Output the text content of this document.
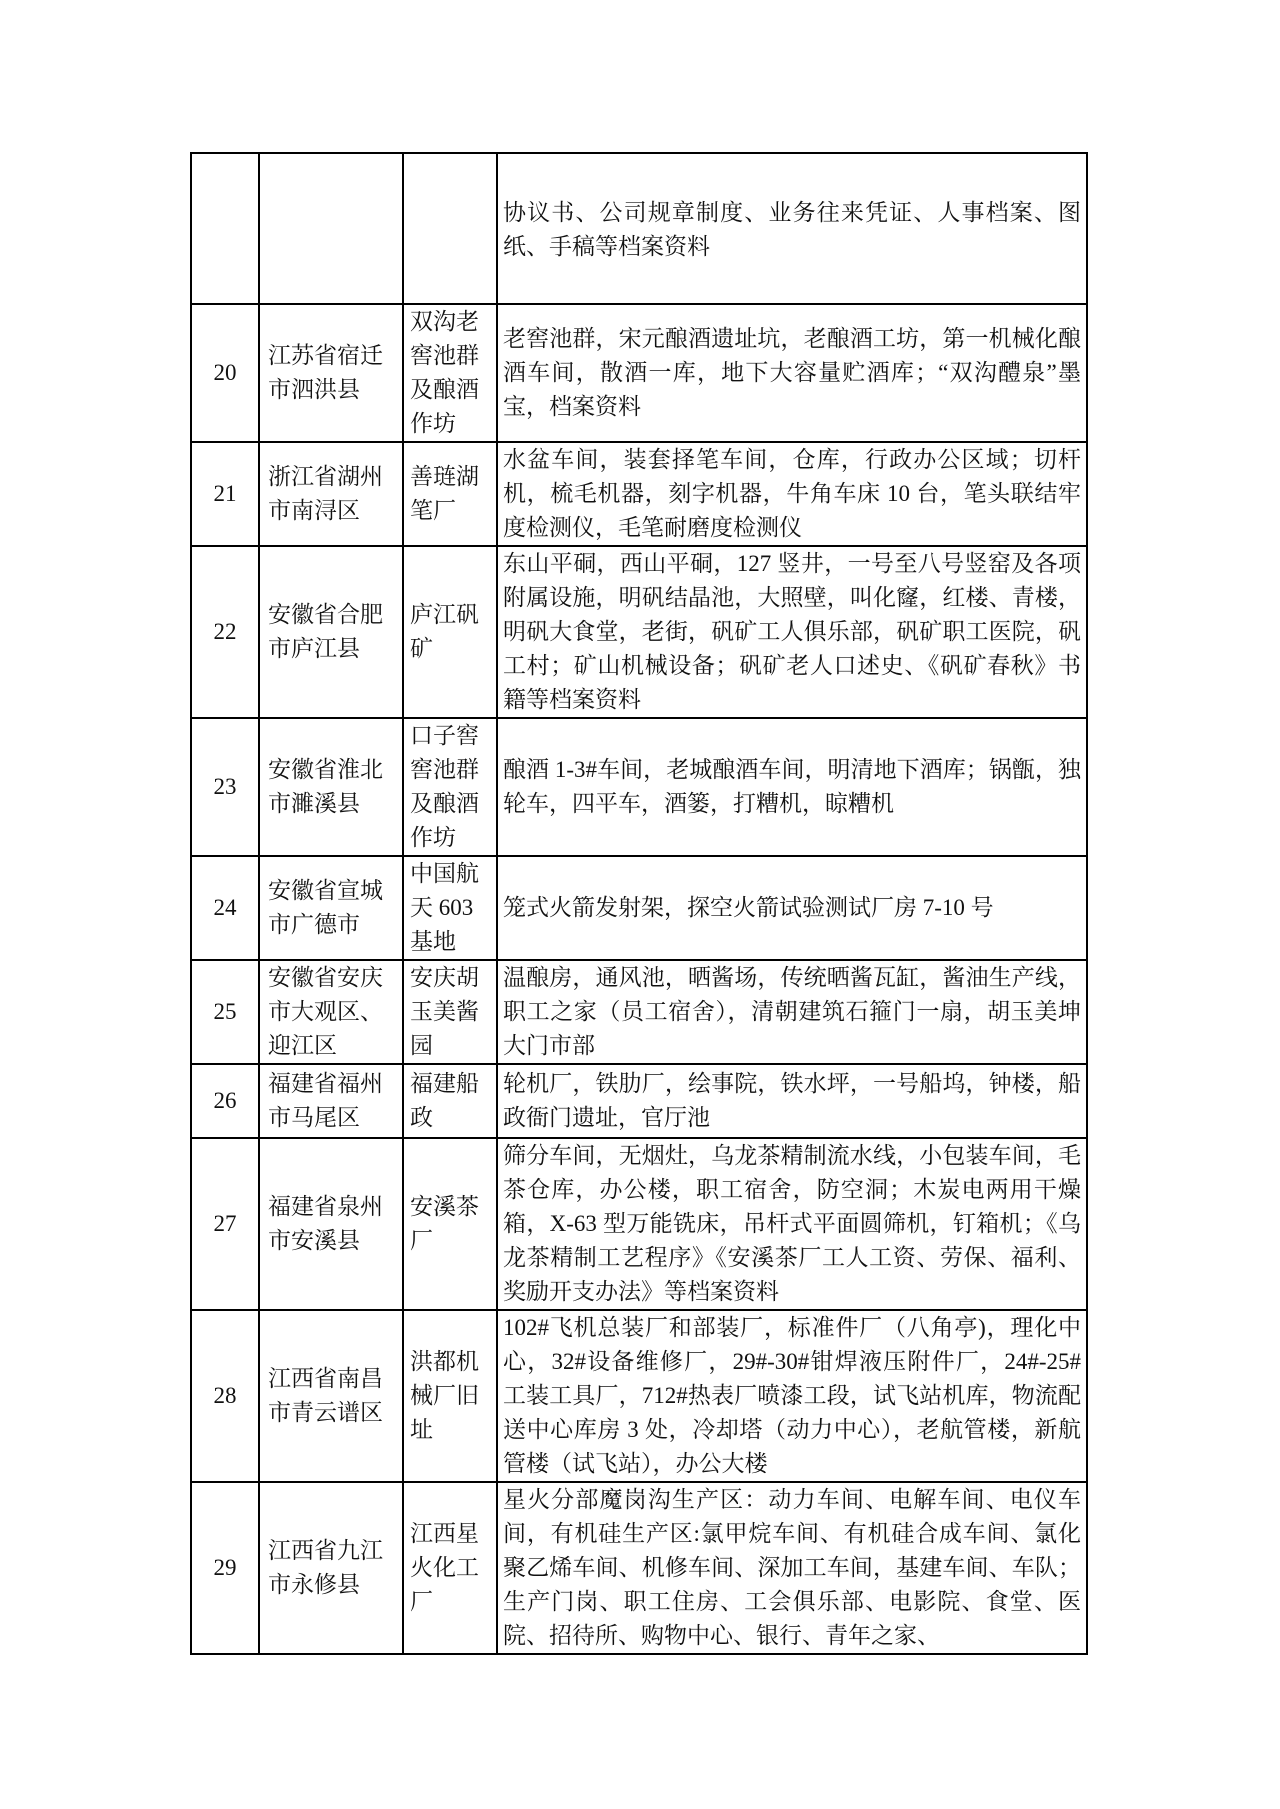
			协议书、公司规章制度、业务往来凭证、人事档案、图纸、手稿等档案资料
20	江苏省宿迁市泗洪县	双沟老窖池群及酿酒作坊	老窖池群，宋元酿酒遗址坑，老酿酒工坊，第一机械化酿酒车间，散酒一库，地下大容量贮酒库；“双沟醴泉”墨宝，档案资料
21	浙江省湖州市南浔区	善琏湖笔厂	水盆车间，装套择笔车间，仓库，行政办公区域；切杆机，梳毛机器，刻字机器，牛角车床 10 台，笔头联结牢度检测仪，毛笔耐磨度检测仪
22	安徽省合肥市庐江县	庐江矾矿	东山平硐，西山平硐，127 竖井，一号至八号竖窑及各项附属设施，明矾结晶池，大照壁，叫化窿，红楼、青楼，明矾大食堂，老街，矾矿工人俱乐部，矾矿职工医院，矾工村；矿山机械设备；矾矿老人口述史、《矾矿春秋》书籍等档案资料
23	安徽省淮北市濉溪县	口子窖窖池群及酿酒作坊	酿酒 1-3#车间，老城酿酒车间，明清地下酒库；锅甑，独轮车，四平车，酒篓，打糟机，晾糟机
24	安徽省宣城市广德市	中国航天 603 基地	笼式火箭发射架，探空火箭试验测试厂房 7-10 号
25	安徽省安庆市大观区、迎江区	安庆胡玉美酱园	温酿房，通风池，晒酱场，传统晒酱瓦缸，酱油生产线，职工之家（员工宿舍），清朝建筑石箍门一扇，胡玉美坤大门市部
26	福建省福州市马尾区	福建船政	轮机厂，铁肋厂，绘事院，铁水坪，一号船坞，钟楼，船政衙门遗址，官厅池
27	福建省泉州市安溪县	安溪茶厂	筛分车间，无烟灶，乌龙茶精制流水线，小包装车间，毛茶仓库，办公楼，职工宿舍，防空洞；木炭电两用干燥箱，X-63 型万能铣床，吊杆式平面圆筛机，钉箱机；《乌龙茶精制工艺程序》《安溪茶厂工人工资、劳保、福利、奖励开支办法》等档案资料
28	江西省南昌市青云谱区	洪都机械厂旧址	102#飞机总装厂和部装厂，标准件厂（八角亭)，理化中心，32#设备维修厂，29#-30#钳焊液压附件厂，24#-25#工装工具厂，712#热表厂喷漆工段，试飞站机库，物流配送中心库房 3 处，冷却塔（动力中心），老航管楼，新航管楼（试飞站），办公大楼
29	江西省九江市永修县	江西星火化工厂	星火分部魔岗沟生产区：动力车间、电解车间、电仪车间，有机硅生产区:氯甲烷车间、有机硅合成车间、氯化聚乙烯车间、机修车间、深加工车间，基建车间、车队；生产门岗、职工住房、工会俱乐部、电影院、食堂、医院、招待所、购物中心、银行、青年之家、
